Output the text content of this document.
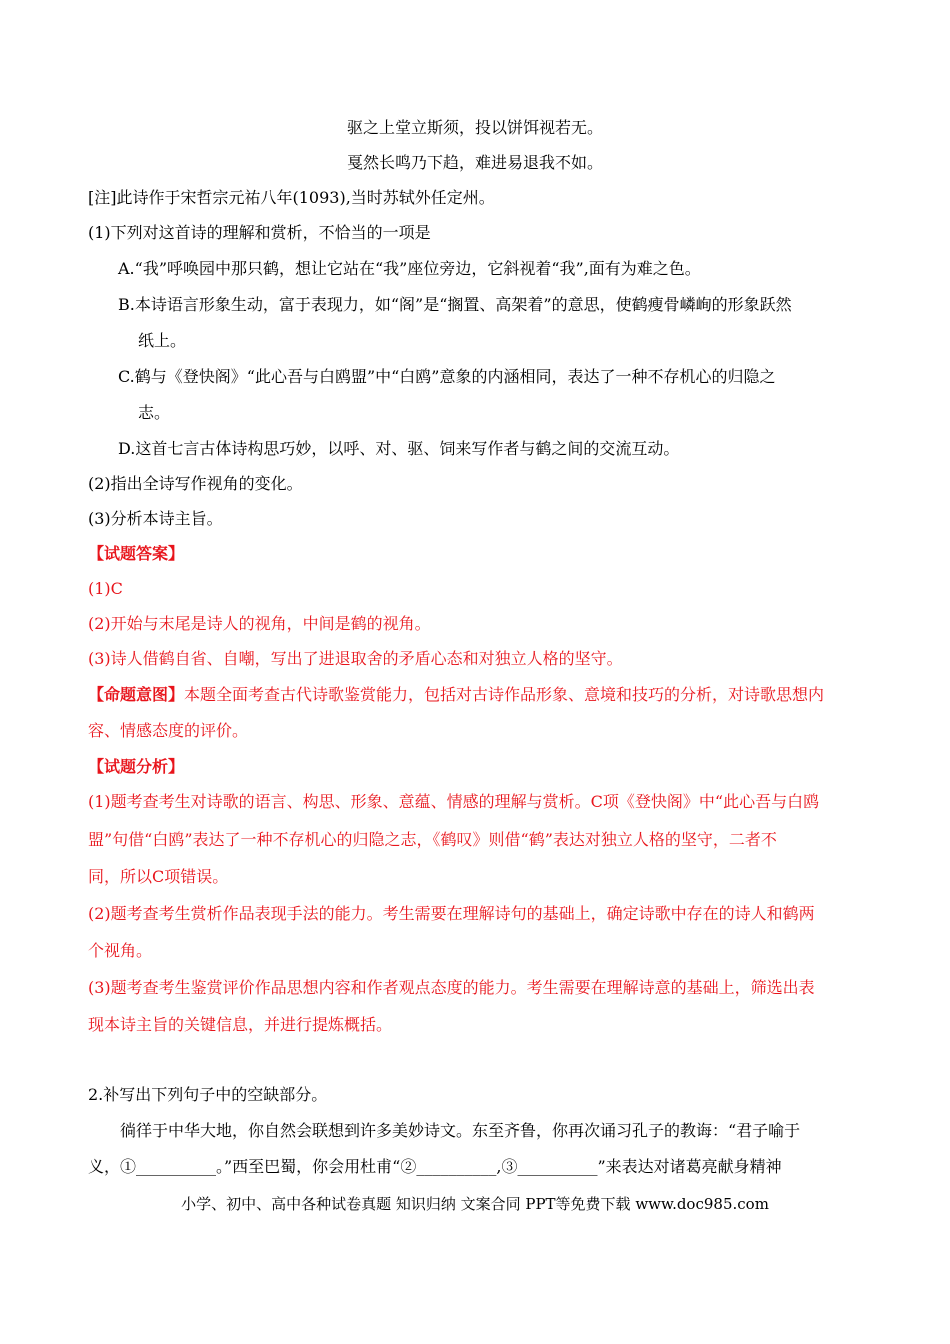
驱之上堂立斯须，投以饼饵视若无。

戛然长鸣乃下趋，难进易退我不如。

[注]此诗作于宋哲宗元祐八年(1093),当时苏轼外任定州。

(1)下列对这首诗的理解和赏析，不恰当的一项是

A.“我”呼唤园中那只鹤，想让它站在“我”座位旁边，它斜视着“我”,面有为难之色。

B.本诗语言形象生动，富于表现力，如“阁”是“搁置、高架着”的意思，使鹤瘦骨嶙峋的形象跃然

纸上。

C.鹤与《登快阁》“此心吾与白鸥盟”中“白鸥”意象的内涵相同，表达了一种不存机心的归隐之

志。

D.这首七言古体诗构思巧妙，以呼、对、驱、饲来写作者与鹤之间的交流互动。

(2)指出全诗写作视角的变化。

(3)分析本诗主旨。

【试题答案】

(1)C

(2)开始与末尾是诗人的视角，中间是鹤的视角。

(3)诗人借鹤自省、自嘲，写出了进退取舍的矛盾心态和对独立人格的坚守。

【命题意图】本题全面考查古代诗歌鉴赏能力，包括对古诗作品形象、意境和技巧的分析，对诗歌思想内

容、情感态度的评价。

【试题分析】

(1)题考查考生对诗歌的语言、构思、形象、意蕴、情感的理解与赏析。C项《登快阁》中“此心吾与白鸥

盟”句借“白鸥”表达了一种不存机心的归隐之志，《鹤叹》则借“鹤”表达对独立人格的坚守，二者不

同，所以C项错误。

(2)题考查考生赏析作品表现手法的能力。考生需要在理解诗句的基础上，确定诗歌中存在的诗人和鹤两

个视角。

(3)题考查考生鉴赏评价作品思想内容和作者观点态度的能力。考生需要在理解诗意的基础上，筛选出表

现本诗主旨的关键信息，并进行提炼概括。

2.补写出下列句子中的空缺部分。

徜徉于中华大地，你自然会联想到许多美妙诗文。东至齐鲁，你再次诵习孔子的教诲：“君子喻于

义，①__________。”西至巴蜀，你会用杜甫“②__________,③__________”来表达对诸葛亮献身精神

小学、初中、高中各种试卷真题 知识归纳 文案合同 PPT等免费下载 www.doc985.com
